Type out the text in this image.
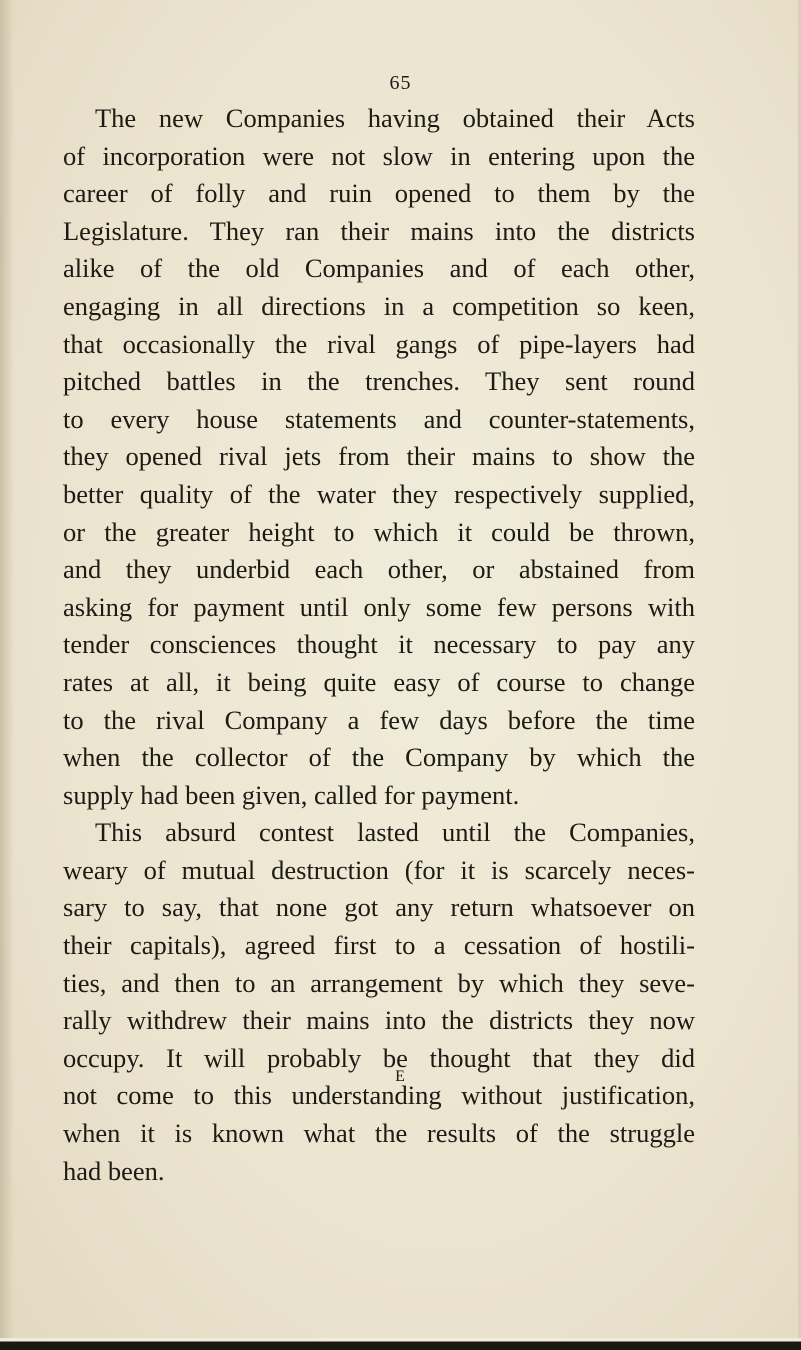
65
The new Companies having obtained their Acts
of incorporation were not slow in entering upon the
career of folly and ruin opened to them by the
Legislature. They ran their mains into the districts
alike of the old Companies and of each other,
engaging in all directions in a competition so keen,
that occasionally the rival gangs of pipe-layers had
pitched battles in the trenches. They sent round
to every house statements and counter-statements,
they opened rival jets from their mains to show the
better quality of the water they respectively supplied,
or the greater height to which it could be thrown,
and they underbid each other, or abstained from
asking for payment until only some few persons with
tender consciences thought it necessary to pay any
rates at all, it being quite easy of course to change
to the rival Company a few days before the time
when the collector of the Company by which the
supply had been given, called for payment.
This absurd contest lasted until the Companies,
weary of mutual destruction (for it is scarcely neces-
sary to say, that none got any return whatsoever on
their capitals), agreed first to a cessation of hostili-
ties, and then to an arrangement by which they seve-
rally withdrew their mains into the districts they now
occupy. It will probably be thought that they did
not come to this understanding without justification,
when it is known what the results of the struggle
had been.
E
